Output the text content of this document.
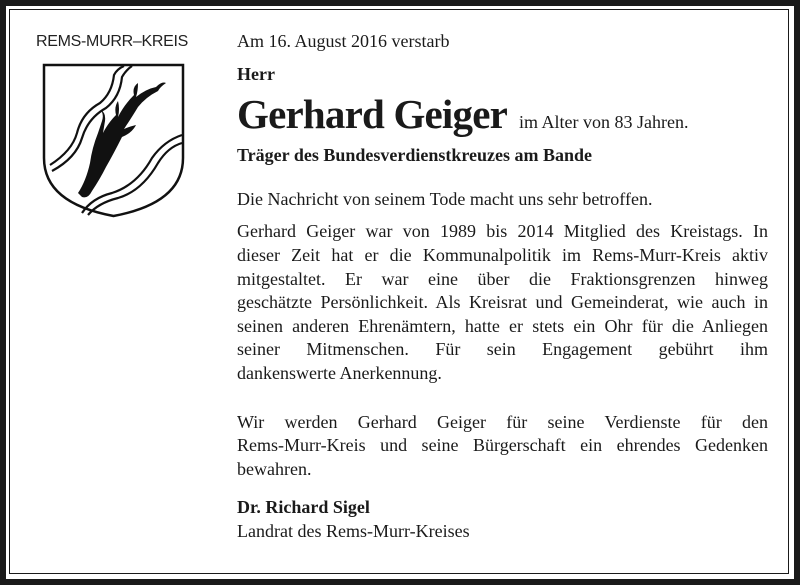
REMS-MURR–KREIS	Am 16. August 2016 verstarb
Herr
Gerhard Geiger im Alter von 83 Jahren.
Träger des Bundesverdienstkreuzes am Bande
Die Nachricht von seinem Tode macht uns sehr betroffen.
Gerhard Geiger war von 1989 bis 2014 Mitglied des Kreistags. In
dieser Zeit hat er die Kommunalpolitik im Rems-Murr-Kreis aktiv
mitgestaltet. Er war eine über die Fraktionsgrenzen hinweg
geschätzte Persönlichkeit. Als Kreisrat und Gemeinderat, wie auch in
seinen anderen Ehrenämtern, hatte er stets ein Ohr für die Anliegen
seiner Mitmenschen. Für sein Engagement gebührt ihm
dankenswerte Anerkennung.
Wir werden Gerhard Geiger für seine Verdienste für den
Rems-Murr-Kreis und seine Bürgerschaft ein ehrendes Gedenken
bewahren.
Dr. Richard Sigel
Landrat des Rems-Murr-Kreises
